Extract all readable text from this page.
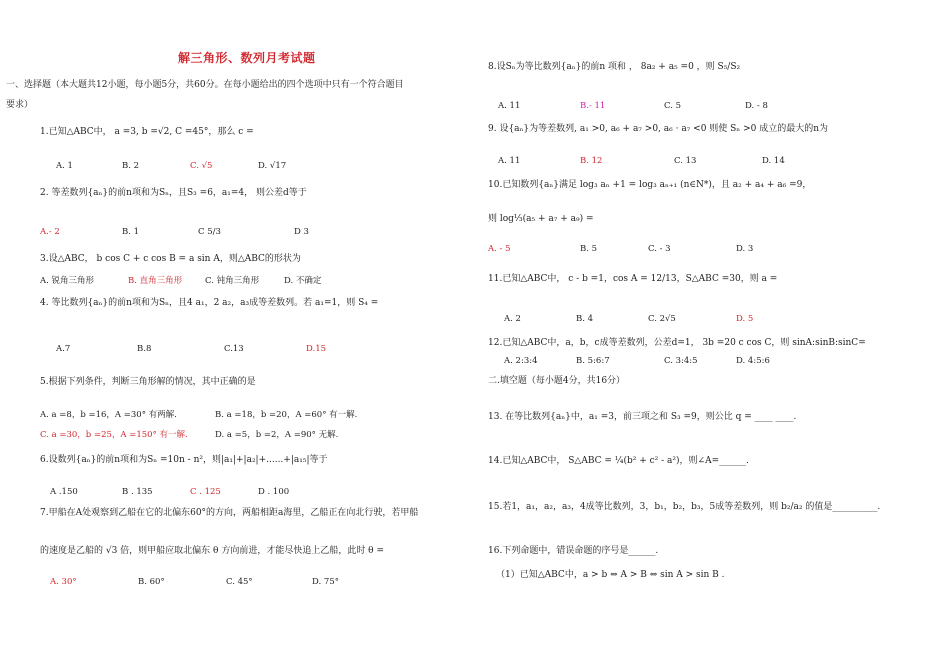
解三角形、数列月考试题
一、选择题（本大题共12小题，每小题5分，共60分。在每小题给出的四个选项中只有一个符合题目
要求）
1.已知△ABC中， a =3, b =√2, C =45°，那么 c =
A. 1	B. 2	C. √5	D. √17
2. 等差数列{aₙ}的前n项和为Sₙ，且S₃ =6，a₁=4， 则公差d等于
A.- 2	B. 1	C 5/3	D 3
3.设△ABC， b cos C + c cos B = a sin A，则△ABC的形状为
A. 锐角三角形	B. 直角三角形	C. 钝角三角形	D. 不确定
4. 等比数列{aₙ}的前n项和为Sₙ，且4 a₁，2 a₂，a₃成等差数列。若 a₁=1，则 S₄ =
A.7	B.8	C.13	D.15
5.根据下列条件，判断三角形解的情况，其中正确的是
A. a =8，b =16，A =30° 有两解.	B. a =18，b =20，A =60° 有一解.
C. a =30，b =25，A =150° 有一解.	D. a =5，b =2，A =90° 无解.
6.设数列{aₙ}的前n项和为Sₙ =10n - n²，则|a₁|+|a₂|+......+|a₁₅|等于
A .150	B . 135	C . 125	D . 100
7.甲船在A处观察到乙船在它的北偏东60°的方向，两船相距a海里，乙船正在向北行驶，若甲船
的速度是乙船的 √3 倍，则甲船应取北偏东 θ 方向前进，才能尽快追上乙船，此时 θ =
A. 30°	B. 60°	C. 45°	D. 75°
8.设Sₙ为等比数列{aₙ}的前n 项和 ， 8a₂ + a₅ =0 ，则 S₅/S₂
A. 11	B.- 11	C. 5	D. - 8
9. 设{aₙ}为等差数列, a₁ >0, a₆ + a₇ >0, a₆ · a₇ <0 则使 Sₙ >0 成立的最大的n为
A. 11	B. 12	C. 13	D. 14
10.已知数列{aₙ}满足 log₃ aₙ +1 = log₃ aₙ₊₁ (n∈N*)，且 a₂ + a₄ + a₆ =9，
则 log⅓(a₅ + a₇ + a₉) =
A. - 5	B. 5	C. - 3	D. 3
11.已知△ABC中， c - b =1，cos A = 12/13，S△ABC =30，则 a =
A. 2	B. 4	C. 2√5	D. 5
12.已知△ABC中，a，b，c成等差数列，公差d=1， 3b =20 c cos C，则 sinA:sinB:sinC=
A. 2:3:4	B. 5:6:7	C. 3:4:5	D. 4:5:6
二.填空题（每小题4分，共16分）
13. 在等比数列{aₙ}中，a₁ =3，前三项之和 S₃ =9，则公比 q = ____ ____.
14.已知△ABC中， S△ABC = ¼(b² + c² - a²)，则∠A=______.
15.若1，a₁，a₂，a₃，4成等比数列，3，b₁，b₂，b₃，5成等差数列，则 b₂/a₂ 的值是__________.
16.下列命题中，错误命题的序号是______.
（1）已知△ABC中，a > b ⇔ A > B ⇔ sin A > sin B .
